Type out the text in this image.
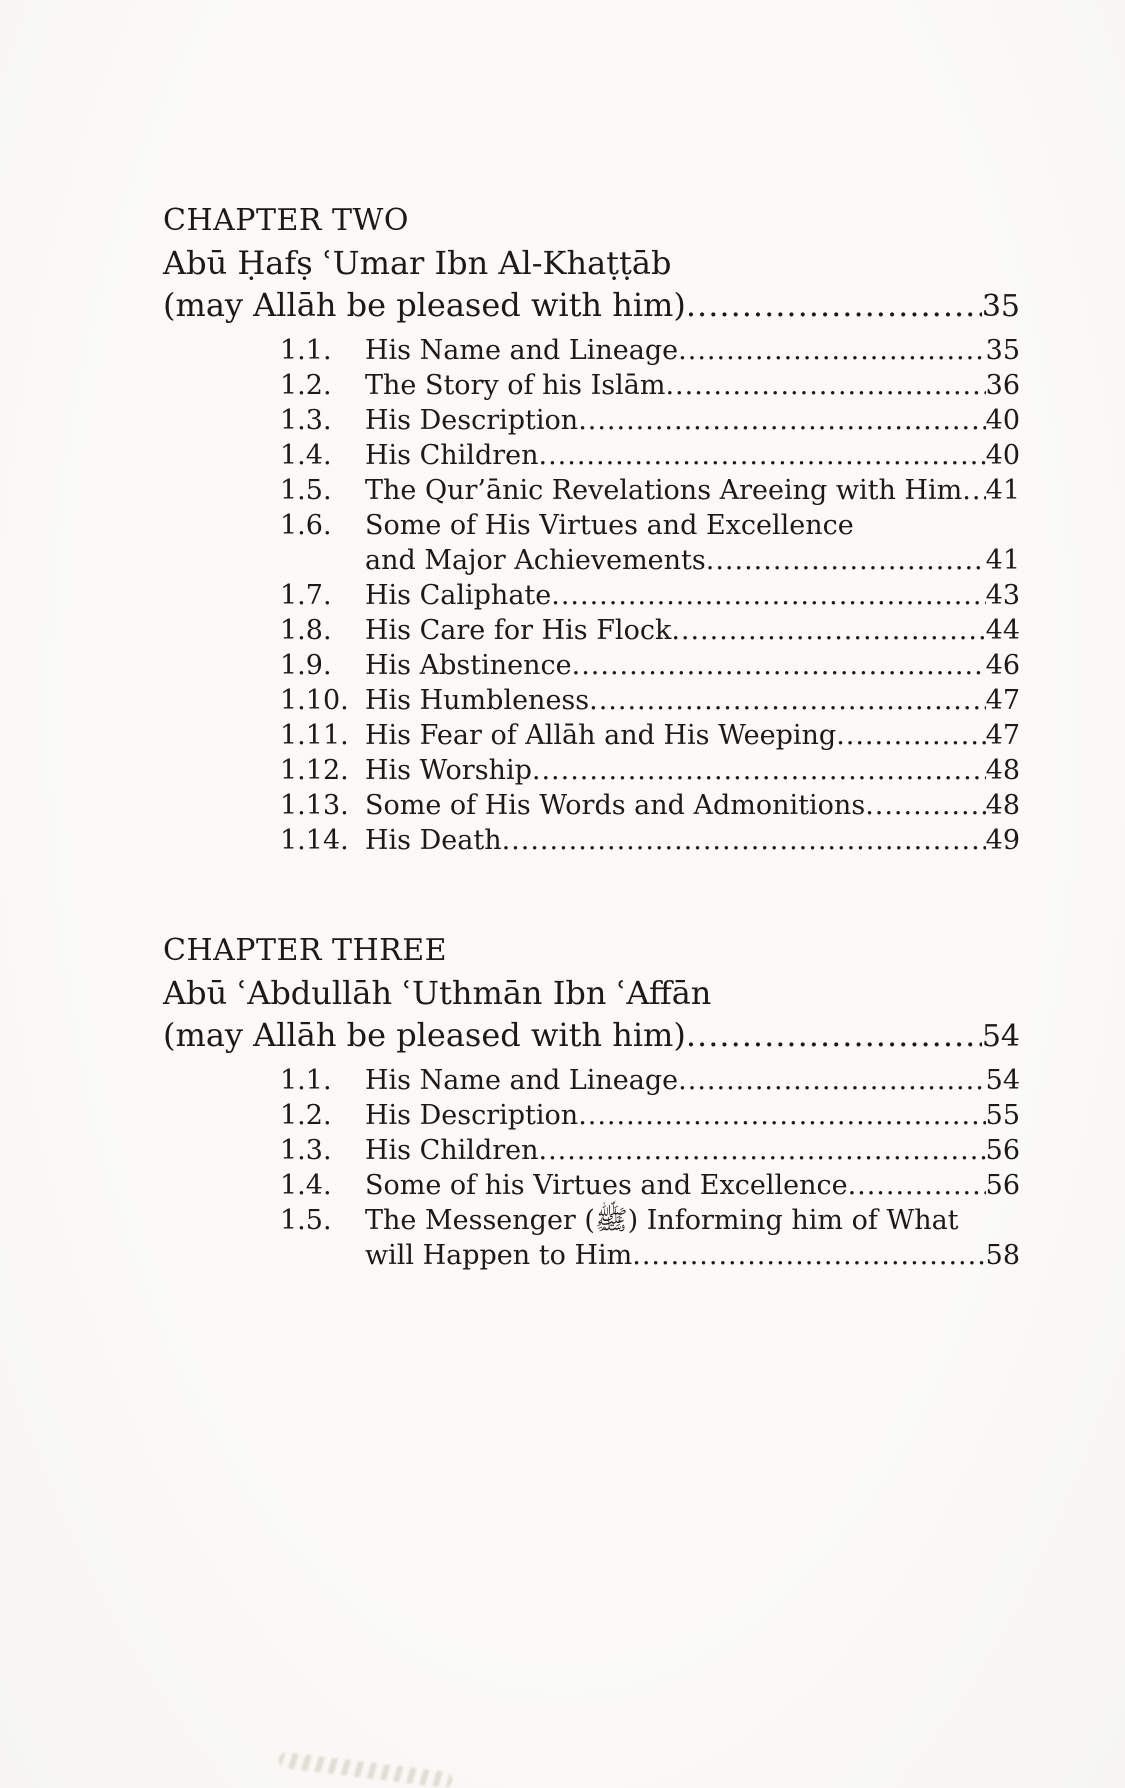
CHAPTER TWO
Abū Ḥafṣ ʿUmar Ibn Al-Khaṭṭāb
(may Allāh be pleased with him) .....	35
1.1.	His Name and Lineage .....	35
1.2.	The Story of his Islām .....	36
1.3.	His Description .....	40
1.4.	His Children .....	40
1.5.	The Qur’ānic Revelations Areeing with Him ..... 41
1.6.	Some of His Virtues and Excellence
and Major Achievements .....	41
1.7.	His Caliphate .....	43
1.8.	His Care for His Flock .....	44
1.9.	His Abstinence .....	46
1.10. His Humbleness .....	47
1.11. His Fear of Allāh and His Weeping .....	47
1.12. His Worship .....	48
1.13. Some of His Words and Admonitions .....	48
1.14. His Death .....	49
CHAPTER THREE
Abū ʿAbdullāh ʿUthmān Ibn ʿAffān
(may Allāh be pleased with him) .....	54
1.1.	His Name and Lineage .....	54
1.2.	His Description .....	55
1.3.	His Children .....	56
1.4.	Some of his Virtues and Excellence .....	56
1.5.	The Messenger (ﷺ) Informing him of What
will Happen to Him .....	58
